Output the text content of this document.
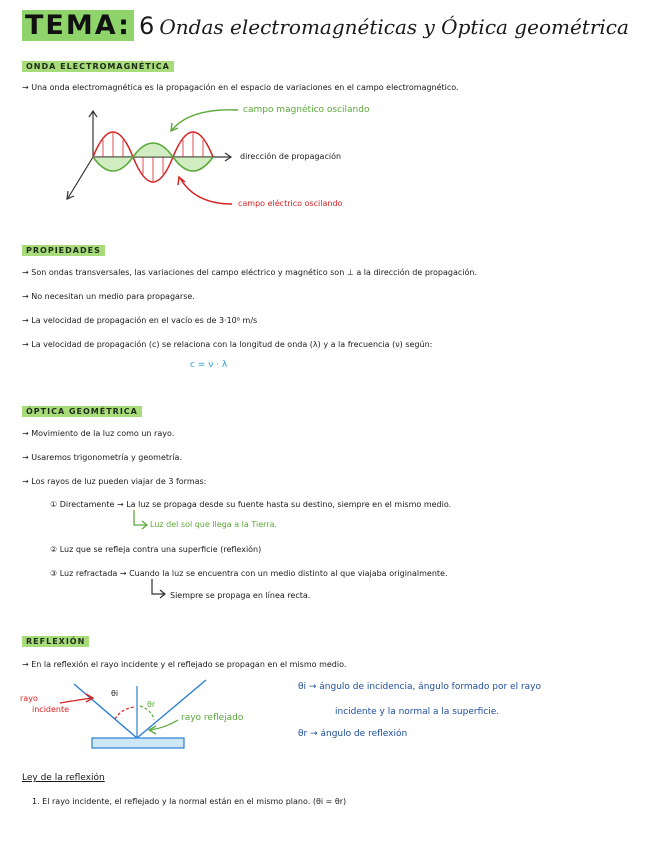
TEMA: 6 Ondas electromagnéticas y Óptica geométrica
ONDA ELECTROMAGNÉTICA
→ Una onda electromagnética es la propagación en el espacio de variaciones en el campo electromagnético.
campo magnético oscilando
dirección de propagación
campo eléctrico oscilando
PROPIEDADES
→ Son ondas transversales, las variaciones del campo eléctrico y magnético son ⊥ a la dirección de propagación.
→ No necesitan un medio para propagarse.
→ La velocidad de propagación en el vacío es de 3·10⁸ m/s
→ La velocidad de propagación (c) se relaciona con la longitud de onda (λ) y a la frecuencia (ν) según:
c = ν · λ
ÓPTICA GEOMÉTRICA
→ Movimiento de la luz como un rayo.
→ Usaremos trigonometría y geometría.
→ Los rayos de luz pueden viajar de 3 formas:
① Directamente → La luz se propaga desde su fuente hasta su destino, siempre en el mismo medio.
Luz del sol que llega a la Tierra.
② Luz que se refleja contra una superficie (reflexión)
③ Luz refractada → Cuando la luz se encuentra con un medio distinto al que viajaba originalmente.
Siempre se propaga en línea recta.
REFLEXIÓN
→ En la reflexión el rayo incidente y el reflejado se propagan en el mismo medio.
rayo
incidente
θi
θr
rayo reflejado
θi → ángulo de incidencia, ángulo formado por el rayo
incidente y la normal a la superficie.
θr → ángulo de reflexión
Ley de la reflexión
1. El rayo incidente, el reflejado y la normal están en el mismo plano. (θi = θr)
